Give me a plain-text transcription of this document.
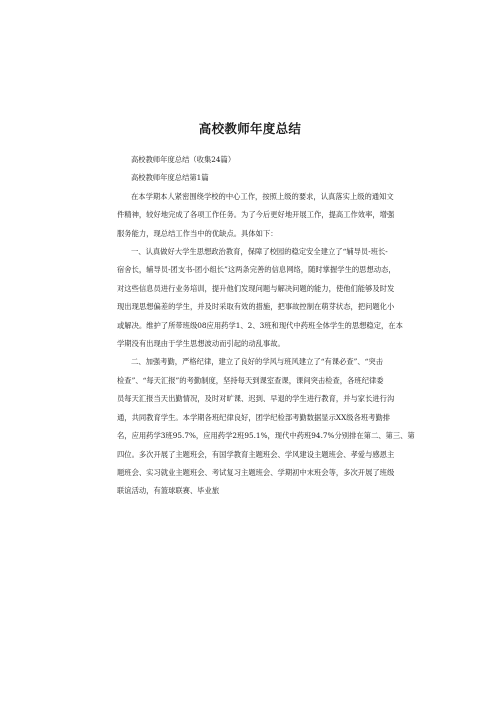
高校教师年度总结

高校教师年度总结（收集24篇）

高校教师年度总结第1篇

在本学期本人紧密围绕学校的中心工作，按照上级的要求，认真落实上级的通知文

件精神，较好地完成了各项工作任务。为了今后更好地开展工作，提高工作效率，增强

服务能力，现总结工作当中的优缺点。具体如下：

一、认真做好大学生思想政治教育，保障了校园的稳定安全建立了“辅导员-班长-

宿舍长，辅导员-团支书-团小组长”这两条完善的信息网络，随时掌握学生的思想动态，

对这些信息员进行业务培训，提升他们发现问题与解决问题的能力，使他们能够及时发

现出现思想偏差的学生，并及时采取有效的措施，把事故控制在萌芽状态，把问题化小

或解决。维护了所带班级08应用药学1、2、3班和现代中药班全体学生的思想稳定，在本

学期没有出现由于学生思想波动而引起的动乱事故。

二、加强考勤，严格纪律，建立了良好的学风与班风建立了“有课必查”、“突击

检查”、“每天汇报”的考勤制度，坚持每天到课室查课，课间突击检查，各班纪律委

员每天汇报当天出勤情况，及时对旷课、迟到、早退的学生进行教育，并与家长进行沟

通，共同教育学生。本学期各班纪律良好，团学纪检部考勤数据显示XX级各班考勤排

名，应用药学3班95.7%，应用药学2班95.1%，现代中药班94.7%分别排在第二、第三、第

四位。多次开展了主题班会，有国学教育主题班会、学风建设主题班会、孝爱与感恩主

题班会、实习就业主题班会、考试复习主题班会、学期初中末班会等，多次开展了班级

联谊活动，有篮球联赛、毕业旅
